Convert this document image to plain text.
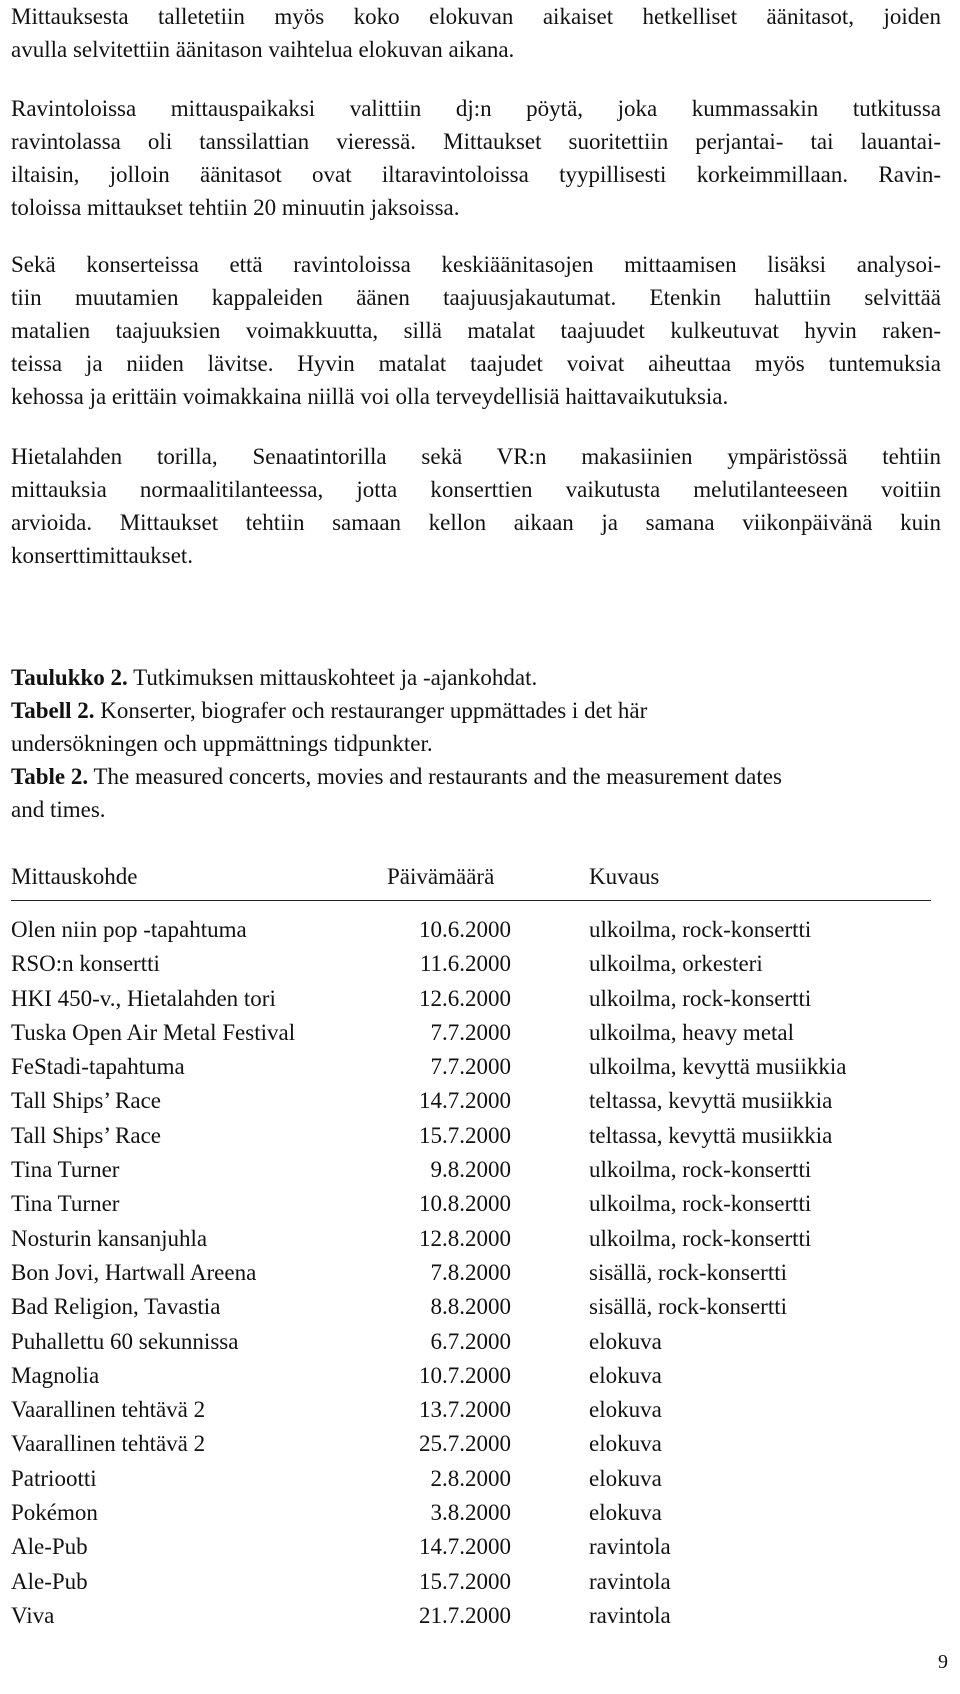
Mittauksesta talletetiin myös koko elokuvan aikaiset hetkelliset äänitasot, joiden
avulla selvitettiin äänitason vaihtelua elokuvan aikana.

Ravintoloissa mittauspaikaksi valittiin dj:n pöytä, joka kummassakin tutkitussa
ravintolassa oli tanssilattian vieressä. Mittaukset suoritettiin perjantai- tai lauantai-
iltaisin, jolloin äänitasot ovat iltaravintoloissa tyypillisesti korkeimmillaan. Ravin-
toloissa mittaukset tehtiin 20 minuutin jaksoissa.

Sekä konserteissa että ravintoloissa keskiäänitasojen mittaamisen lisäksi analysoi-
tiin muutamien kappaleiden äänen taajuusjakautumat. Etenkin haluttiin selvittää
matalien taajuuksien voimakkuutta, sillä matalat taajuudet kulkeutuvat hyvin raken-
teissa ja niiden lävitse. Hyvin matalat taajudet voivat aiheuttaa myös tuntemuksia
kehossa ja erittäin voimakkaina niillä voi olla terveydellisiä haittavaikutuksia.

Hietalahden torilla, Senaatintorilla sekä VR:n makasiinien ympäristössä tehtiin
mittauksia normaalitilanteessa, jotta konserttien vaikutusta melutilanteeseen voitiin
arvioida. Mittaukset tehtiin samaan kellon aikaan ja samana viikonpäivänä kuin
konserttimittaukset.

Taulukko 2. Tutkimuksen mittauskohteet ja -ajankohdat.

Tabell 2. Konserter, biografer och restauranger uppmättades i det här
undersökningen och uppmättnings tidpunkter.

Table 2. The measured concerts, movies and restaurants and the measurement dates
and times.

Mittauskohde	Päivämäärä	Kuvaus
Olen niin pop -tapahtuma	10.6.2000	ulkoilma, rock-konsertti
RSO:n konsertti	11.6.2000	ulkoilma, orkesteri
HKI 450-v., Hietalahden tori	12.6.2000	ulkoilma, rock-konsertti
Tuska Open Air Metal Festival	7.7.2000	ulkoilma, heavy metal
FeStadi-tapahtuma	7.7.2000	ulkoilma, kevyttä musiikkia
Tall Ships’ Race	14.7.2000	teltassa, kevyttä musiikkia
Tall Ships’ Race	15.7.2000	teltassa, kevyttä musiikkia
Tina Turner	9.8.2000	ulkoilma, rock-konsertti
Tina Turner	10.8.2000	ulkoilma, rock-konsertti
Nosturin kansanjuhla	12.8.2000	ulkoilma, rock-konsertti
Bon Jovi, Hartwall Areena	7.8.2000	sisällä, rock-konsertti
Bad Religion, Tavastia	8.8.2000	sisällä, rock-konsertti
Puhallettu 60 sekunnissa	6.7.2000	elokuva
Magnolia	10.7.2000	elokuva
Vaarallinen tehtävä 2	13.7.2000	elokuva
Vaarallinen tehtävä 2	25.7.2000	elokuva
Patriootti	2.8.2000	elokuva
Pokémon	3.8.2000	elokuva
Ale-Pub	14.7.2000	ravintola
Ale-Pub	15.7.2000	ravintola
Viva	21.7.2000	ravintola
9
